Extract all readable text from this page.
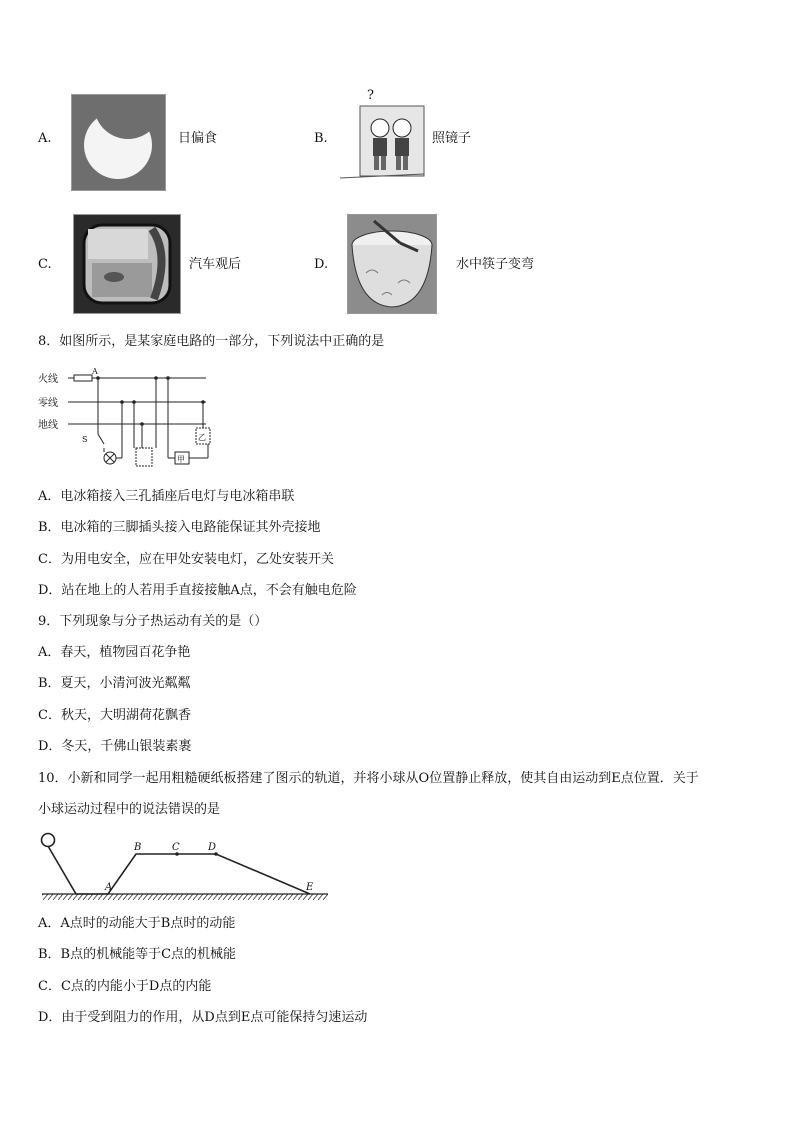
A.	日偏食	B.
?
照镜子
C.	汽车观后	D.	水中筷子变弯
8．如图所示，是某家庭电路的一部分，下列说法中正确的是
火线
零线
地线
A
S
甲
乙
A．电冰箱接入三孔插座后电灯与电冰箱串联
B．电冰箱的三脚插头接入电路能保证其外壳接地
C．为用电安全，应在甲处安装电灯，乙处安装开关
D．站在地上的人若用手直接接触A点，不会有触电危险
9．下列现象与分子热运动有关的是（）
A．春天，植物园百花争艳
B．夏天，小清河波光粼粼
C．秋天，大明湖荷花飘香
D．冬天，千佛山银装素裹
10．小新和同学一起用粗糙硬纸板搭建了图示的轨道，并将小球从O位置静止释放，使其自由运动到E点位置．关于
小球运动过程中的说法错误的是
A
B	C	D
E
A．A点时的动能大于B点时的动能
B．B点的机械能等于C点的机械能
C．C点的内能小于D点的内能
D．由于受到阻力的作用，从D点到E点可能保持匀速运动
